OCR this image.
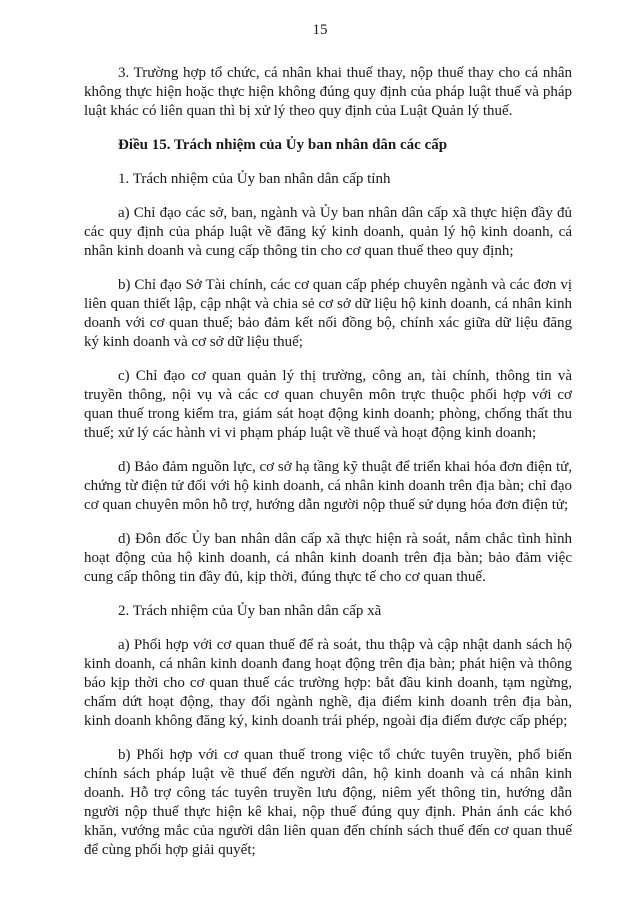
15

3. Trường hợp tổ chức, cá nhân khai thuế thay, nộp thuế thay cho cá nhân không thực hiện hoặc thực hiện không đúng quy định của pháp luật thuế và pháp luật khác có liên quan thì bị xử lý theo quy định của Luật Quản lý thuế.

Điều 15. Trách nhiệm của Ủy ban nhân dân các cấp

1. Trách nhiệm của Ủy ban nhân dân cấp tỉnh

a) Chỉ đạo các sở, ban, ngành và Ủy ban nhân dân cấp xã thực hiện đầy đủ các quy định của pháp luật về đăng ký kinh doanh, quản lý hộ kinh doanh, cá nhân kinh doanh và cung cấp thông tin cho cơ quan thuế theo quy định;

b) Chỉ đạo Sở Tài chính, các cơ quan cấp phép chuyên ngành và các đơn vị liên quan thiết lập, cập nhật và chia sẻ cơ sở dữ liệu hộ kinh doanh, cá nhân kinh doanh với cơ quan thuế; bảo đảm kết nối đồng bộ, chính xác giữa dữ liệu đăng ký kinh doanh và cơ sở dữ liệu thuế;

c) Chỉ đạo cơ quan quản lý thị trường, công an, tài chính, thông tin và truyền thông, nội vụ và các cơ quan chuyên môn trực thuộc phối hợp với cơ quan thuế trong kiểm tra, giám sát hoạt động kinh doanh; phòng, chống thất thu thuế; xử lý các hành vi vi phạm pháp luật về thuế và hoạt động kinh doanh;

d) Bảo đảm nguồn lực, cơ sở hạ tầng kỹ thuật để triển khai hóa đơn điện tử, chứng từ điện tử đối với hộ kinh doanh, cá nhân kinh doanh trên địa bàn; chỉ đạo cơ quan chuyên môn hỗ trợ, hướng dẫn người nộp thuế sử dụng hóa đơn điện tử;

d) Đôn đốc Ủy ban nhân dân cấp xã thực hiện rà soát, nắm chắc tình hình hoạt động của hộ kinh doanh, cá nhân kinh doanh trên địa bàn; bảo đảm việc cung cấp thông tin đầy đủ, kịp thời, đúng thực tế cho cơ quan thuế.

2. Trách nhiệm của Ủy ban nhân dân cấp xã

a) Phối hợp với cơ quan thuế để rà soát, thu thập và cập nhật danh sách hộ kinh doanh, cá nhân kinh doanh đang hoạt động trên địa bàn; phát hiện và thông báo kịp thời cho cơ quan thuế các trường hợp: bắt đầu kinh doanh, tạm ngừng, chấm dứt hoạt động, thay đổi ngành nghề, địa điểm kinh doanh trên địa bàn, kinh doanh không đăng ký, kinh doanh trái phép, ngoài địa điểm được cấp phép;

b) Phối hợp với cơ quan thuế trong việc tổ chức tuyên truyền, phổ biến chính sách pháp luật về thuế đến người dân, hộ kinh doanh và cá nhân kinh doanh. Hỗ trợ công tác tuyên truyền lưu động, niêm yết thông tin, hướng dẫn người nộp thuế thực hiện kê khai, nộp thuế đúng quy định. Phản ánh các khó khăn, vướng mắc của người dân liên quan đến chính sách thuế đến cơ quan thuế để cùng phối hợp giải quyết;
